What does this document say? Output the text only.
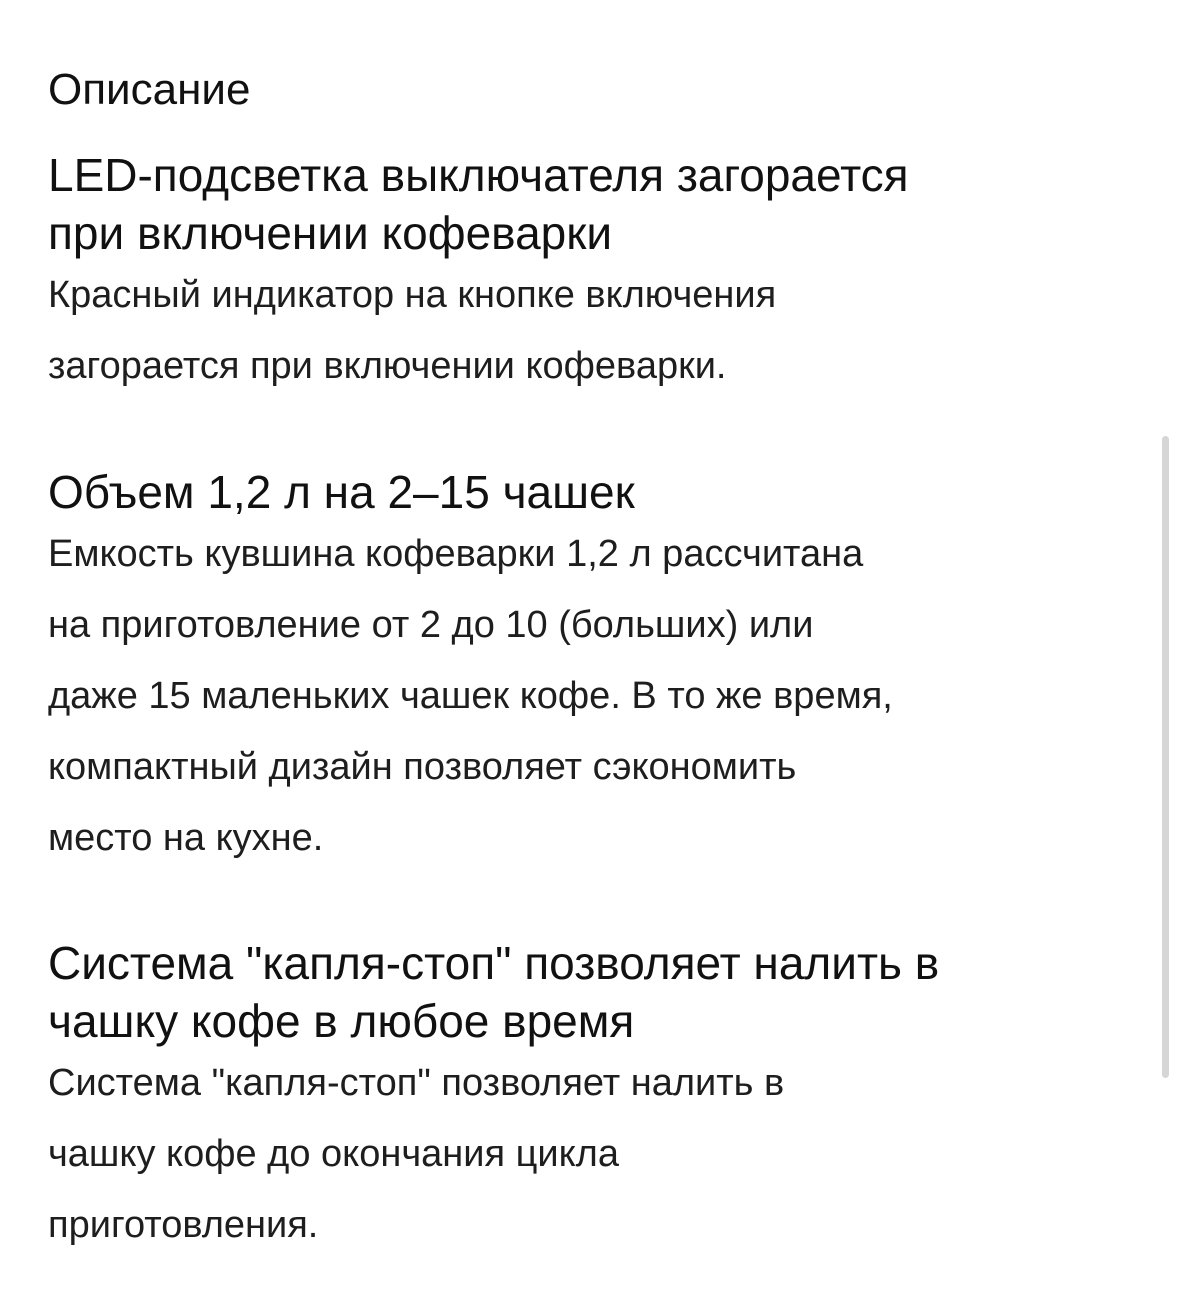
Описание
LED-подсветка выключателя загорается
при включении кофеварки

Красный индикатор на кнопке включения
загорается при включении кофеварки.

Объем 1,2 л на 2–15 чашек

Емкость кувшина кофеварки 1,2 л рассчитана
на приготовление от 2 до 10 (больших) или
даже 15 маленьких чашек кофе. В то же время,
компактный дизайн позволяет сэкономить
место на кухне.

Система "капля-стоп" позволяет налить в
чашку кофе в любое время

Система "капля-стоп" позволяет налить в
чашку кофе до окончания цикла
приготовления.
